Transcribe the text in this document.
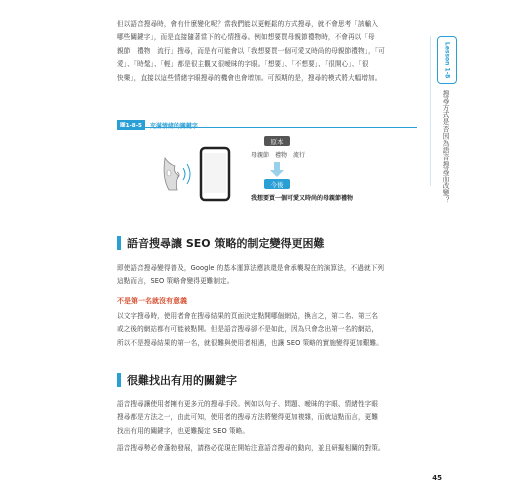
但以語音搜尋時，會有什麼變化呢？當我們能以更輕鬆的方式搜尋，就不會思考「該輸入

哪些關鍵字」，而是直接隨著當下的心情搜尋。例如想要買母親節禮物時，不會再以「母

親節　禮物　流行」搜尋，而是有可能會以「我想要買一個可愛又時尚的母親節禮物」，「可

愛」、「時髦」、「輕」都是很主觀又很曖昧的字眼。「想要」、「不想要」、「很開心」、「很

快樂」，直接以這些情緒字眼搜尋的機會也會增加。可預期的是，搜尋的模式將大幅增加。	Lesson 1-8
搜尋方式是否因為語音搜尋而改變？
圖1-8-5	充滿情緒的關鍵字
原本
母親節　禮物　流行
今後
我想要買一個可愛又時尚的母親節禮物
語音搜尋讓 SEO 策略的制定變得更困難

即使語音搜尋變得普及，Google 的基本運算法應該還是會承襲現在的演算法，不過就下列

這點而言，SEO 策略會變得更難制定。

不是第一名就沒有意義

以文字搜尋時，使用者會在搜尋結果的頁面決定點開哪個網站，換言之，第二名、第三名

或之後的網站都有可能被點開。但是語音搜尋卻不是如此，因為只會念出第一名的網站，

所以不是搜尋結果的第一名，就很難與使用者相遇，也讓 SEO 策略的實施變得更加艱難。

很難找出有用的關鍵字

語音搜尋讓使用者擁有更多元的搜尋手段。例如以句子、問題、曖昧的字眼、情緒性字眼

搜尋都是方法之一，由此可知，使用者的搜尋方法將變得更加複雜，而就這點而言，更難

找出有用的關鍵字，也更難擬定 SEO 策略。

語音搜尋勢必會蓬勃發展，請務必從現在開始注意語音搜尋的動向，並且研擬相關的對策。

45
